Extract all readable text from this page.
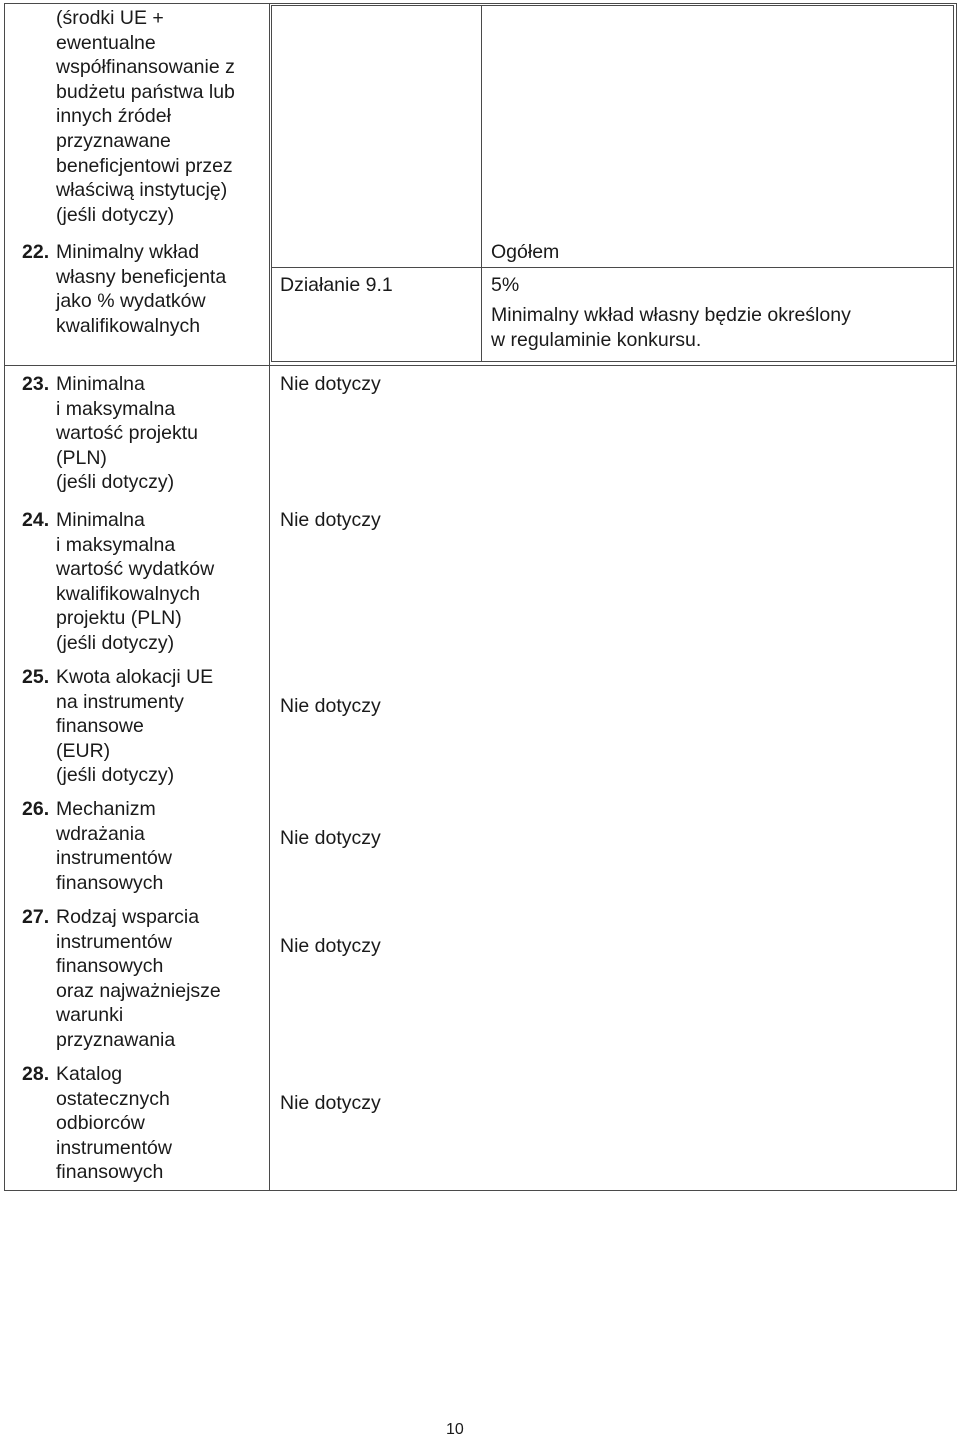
(środki UE +
ewentualne
współfinansowanie z
budżetu państwa lub
innych źródeł
przyznawane
beneficjentowi przez
właściwą instytucję)
(jeśli dotyczy)
22. Minimalny wkład
własny beneficjenta
jako % wydatków
kwalifikowalnych
Ogółem
Działanie 9.1	5%
Minimalny wkład własny będzie określony
w regulaminie konkursu.
23. Minimalna
i maksymalna
wartość projektu
(PLN)
(jeśli dotyczy)
Nie dotyczy
24. Minimalna
i maksymalna
wartość wydatków
kwalifikowalnych
projektu (PLN)
(jeśli dotyczy)
Nie dotyczy
25. Kwota alokacji UE
na instrumenty
finansowe
(EUR)
(jeśli dotyczy)
Nie dotyczy
26. Mechanizm
wdrażania
instrumentów
finansowych
Nie dotyczy
27. Rodzaj wsparcia
instrumentów
finansowych
oraz najważniejsze
warunki
przyznawania
Nie dotyczy
28. Katalog
ostatecznych
odbiorców
instrumentów
finansowych
Nie dotyczy
10
